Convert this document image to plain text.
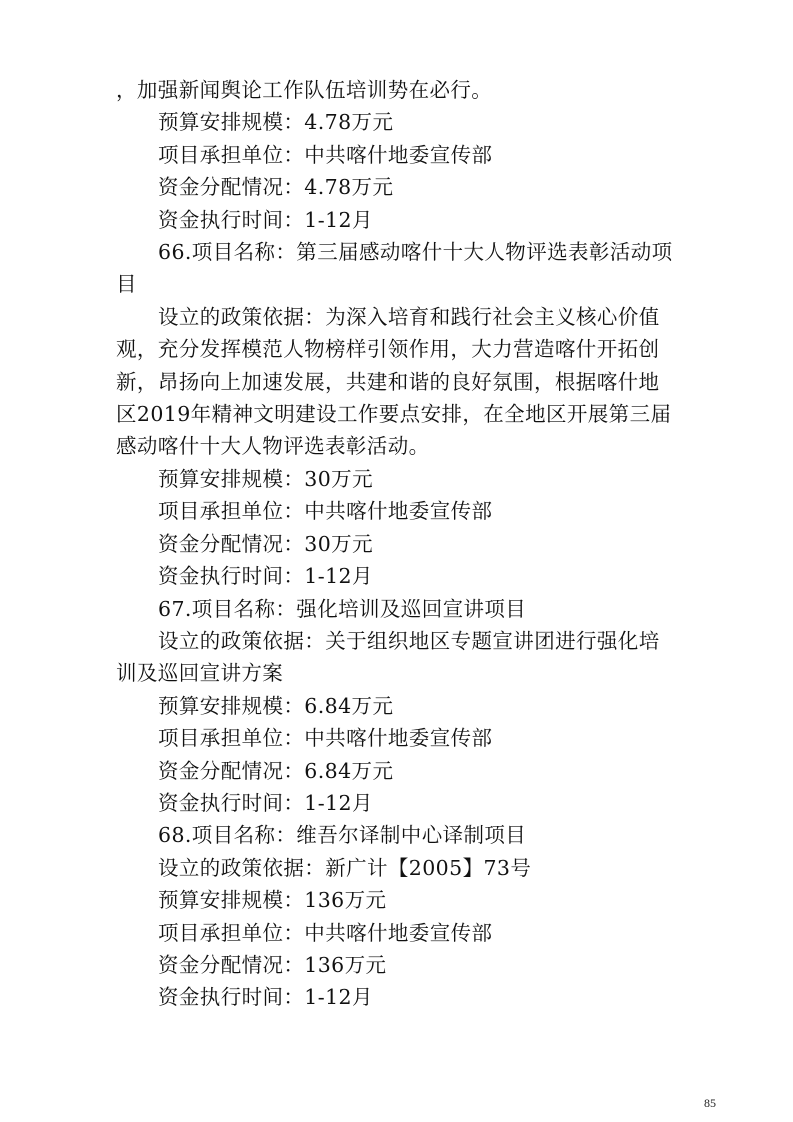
，加强新闻舆论工作队伍培训势在必行。

预算安排规模：4.78万元

项目承担单位：中共喀什地委宣传部

资金分配情况：4.78万元

资金执行时间：1-12月

66.项目名称：第三届感动喀什十大人物评选表彰活动项目

设立的政策依据：为深入培育和践行社会主义核心价值观，充分发挥模范人物榜样引领作用，大力营造喀什开拓创新，昂扬向上加速发展，共建和谐的良好氛围，根据喀什地区2019年精神文明建设工作要点安排，在全地区开展第三届感动喀什十大人物评选表彰活动。

预算安排规模：30万元

项目承担单位：中共喀什地委宣传部

资金分配情况：30万元

资金执行时间：1-12月

67.项目名称：强化培训及巡回宣讲项目

设立的政策依据：关于组织地区专题宣讲团进行强化培训及巡回宣讲方案

预算安排规模：6.84万元

项目承担单位：中共喀什地委宣传部

资金分配情况：6.84万元

资金执行时间：1-12月

68.项目名称：维吾尔译制中心译制项目

设立的政策依据：新广计【2005】73号

预算安排规模：136万元

项目承担单位：中共喀什地委宣传部

资金分配情况：136万元

资金执行时间：1-12月

85
